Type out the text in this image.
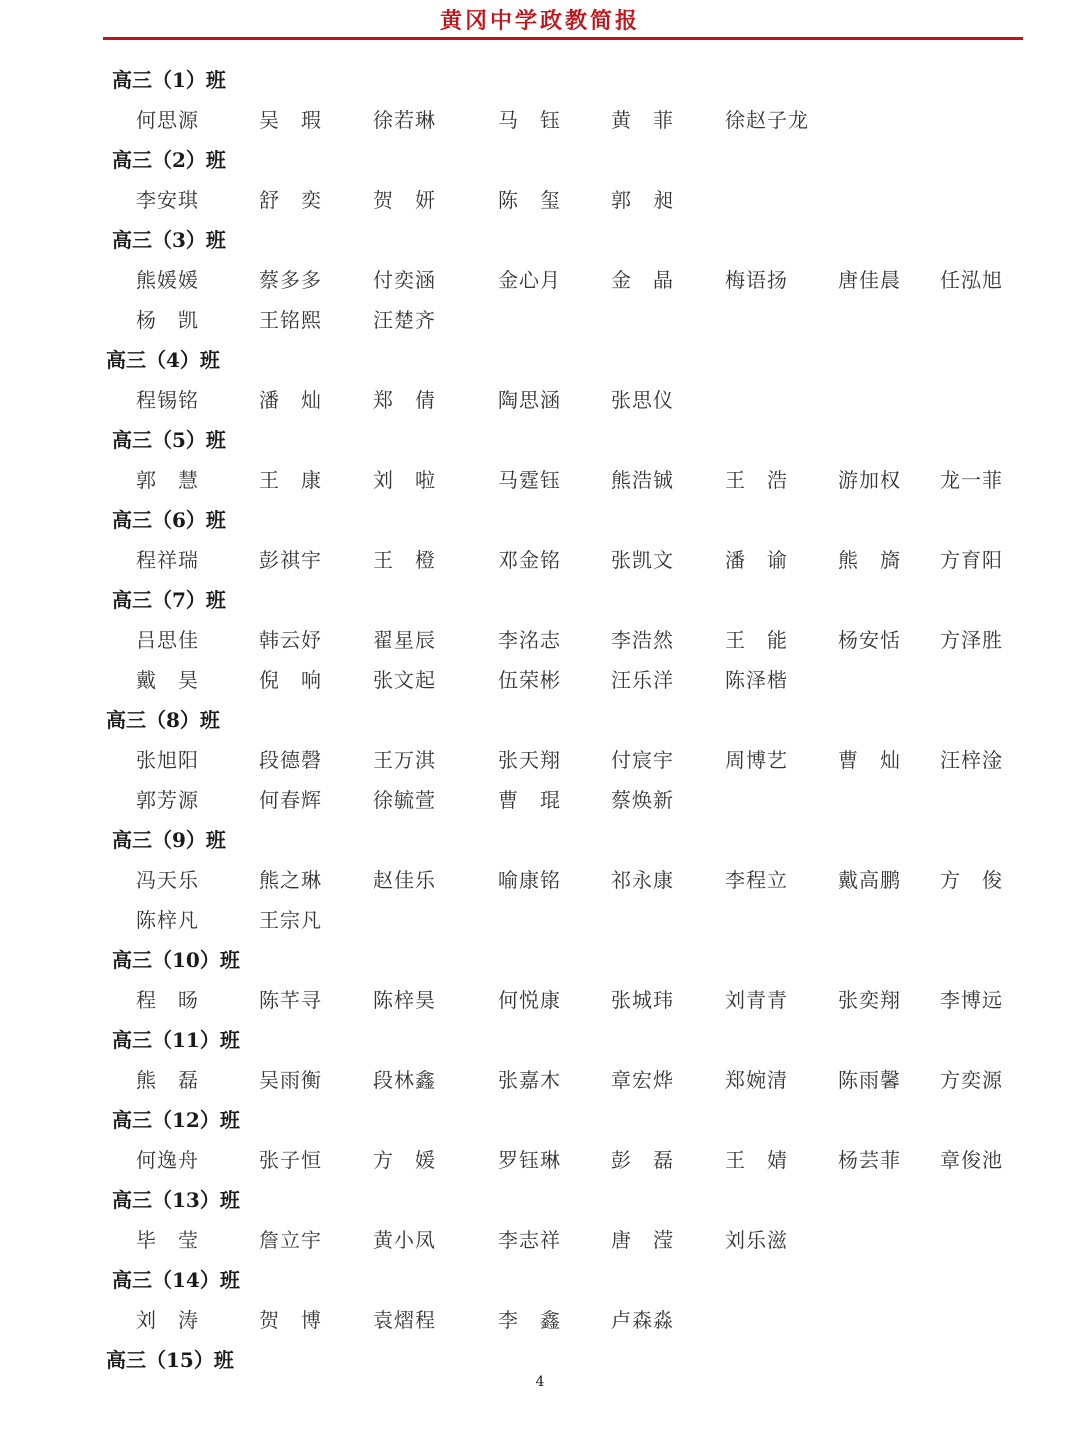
黄冈中学政教简报
高三（1）班
何思源	吴　瑕	徐若琳	马　钰	黄　菲	徐赵子龙
高三（2）班
李安琪	舒　奕	贺　妍	陈　玺	郭　昶
高三（3）班
熊媛媛	蔡多多	付奕涵	金心月	金　晶	梅语扬	唐佳晨 任泓旭
杨　凯	王铭熙	汪楚齐
高三（4）班
程锡铭	潘　灿	郑　倩	陶思涵	张思仪
高三（5）班
郭　慧	王　康	刘　啦	马霆钰	熊浩铖	王　浩	游加权 龙一菲
高三（6）班
程祥瑞	彭祺宇	王　橙	邓金铭	张凯文	潘　谕	熊　旖 方育阳
高三（7）班
吕思佳	韩云妤	翟星辰	李洺志	李浩然	王　能	杨安恬 方泽胜
戴　昊	倪　响	张文起	伍荣彬	汪乐洋	陈泽楷
高三（8）班
张旭阳	段德磬	王万淇	张天翔	付宸宇	周博艺	曹　灿 汪梓淦
郭芳源	何春辉	徐毓萱	曹　琨	蔡焕新
高三（9）班
冯天乐	熊之琳	赵佳乐	喻康铭	祁永康	李程立	戴高鹏 方　俊
陈梓凡	王宗凡
高三（10）班
程　旸	陈芊寻	陈梓昊	何悦康	张城玮	刘青青	张奕翔 李博远
高三（11）班
熊　磊	吴雨衡	段林鑫	张嘉木	章宏烨	郑婉清	陈雨馨 方奕源
高三（12）班
何逸舟	张子恒	方　媛	罗钰琳	彭　磊	王　婧	杨芸菲 章俊池
高三（13）班
毕　莹	詹立宇	黄小凤	李志祥	唐　滢	刘乐滋
高三（14）班
刘　涛	贺　博	袁熠程	李　鑫	卢森淼
高三（15）班
4
